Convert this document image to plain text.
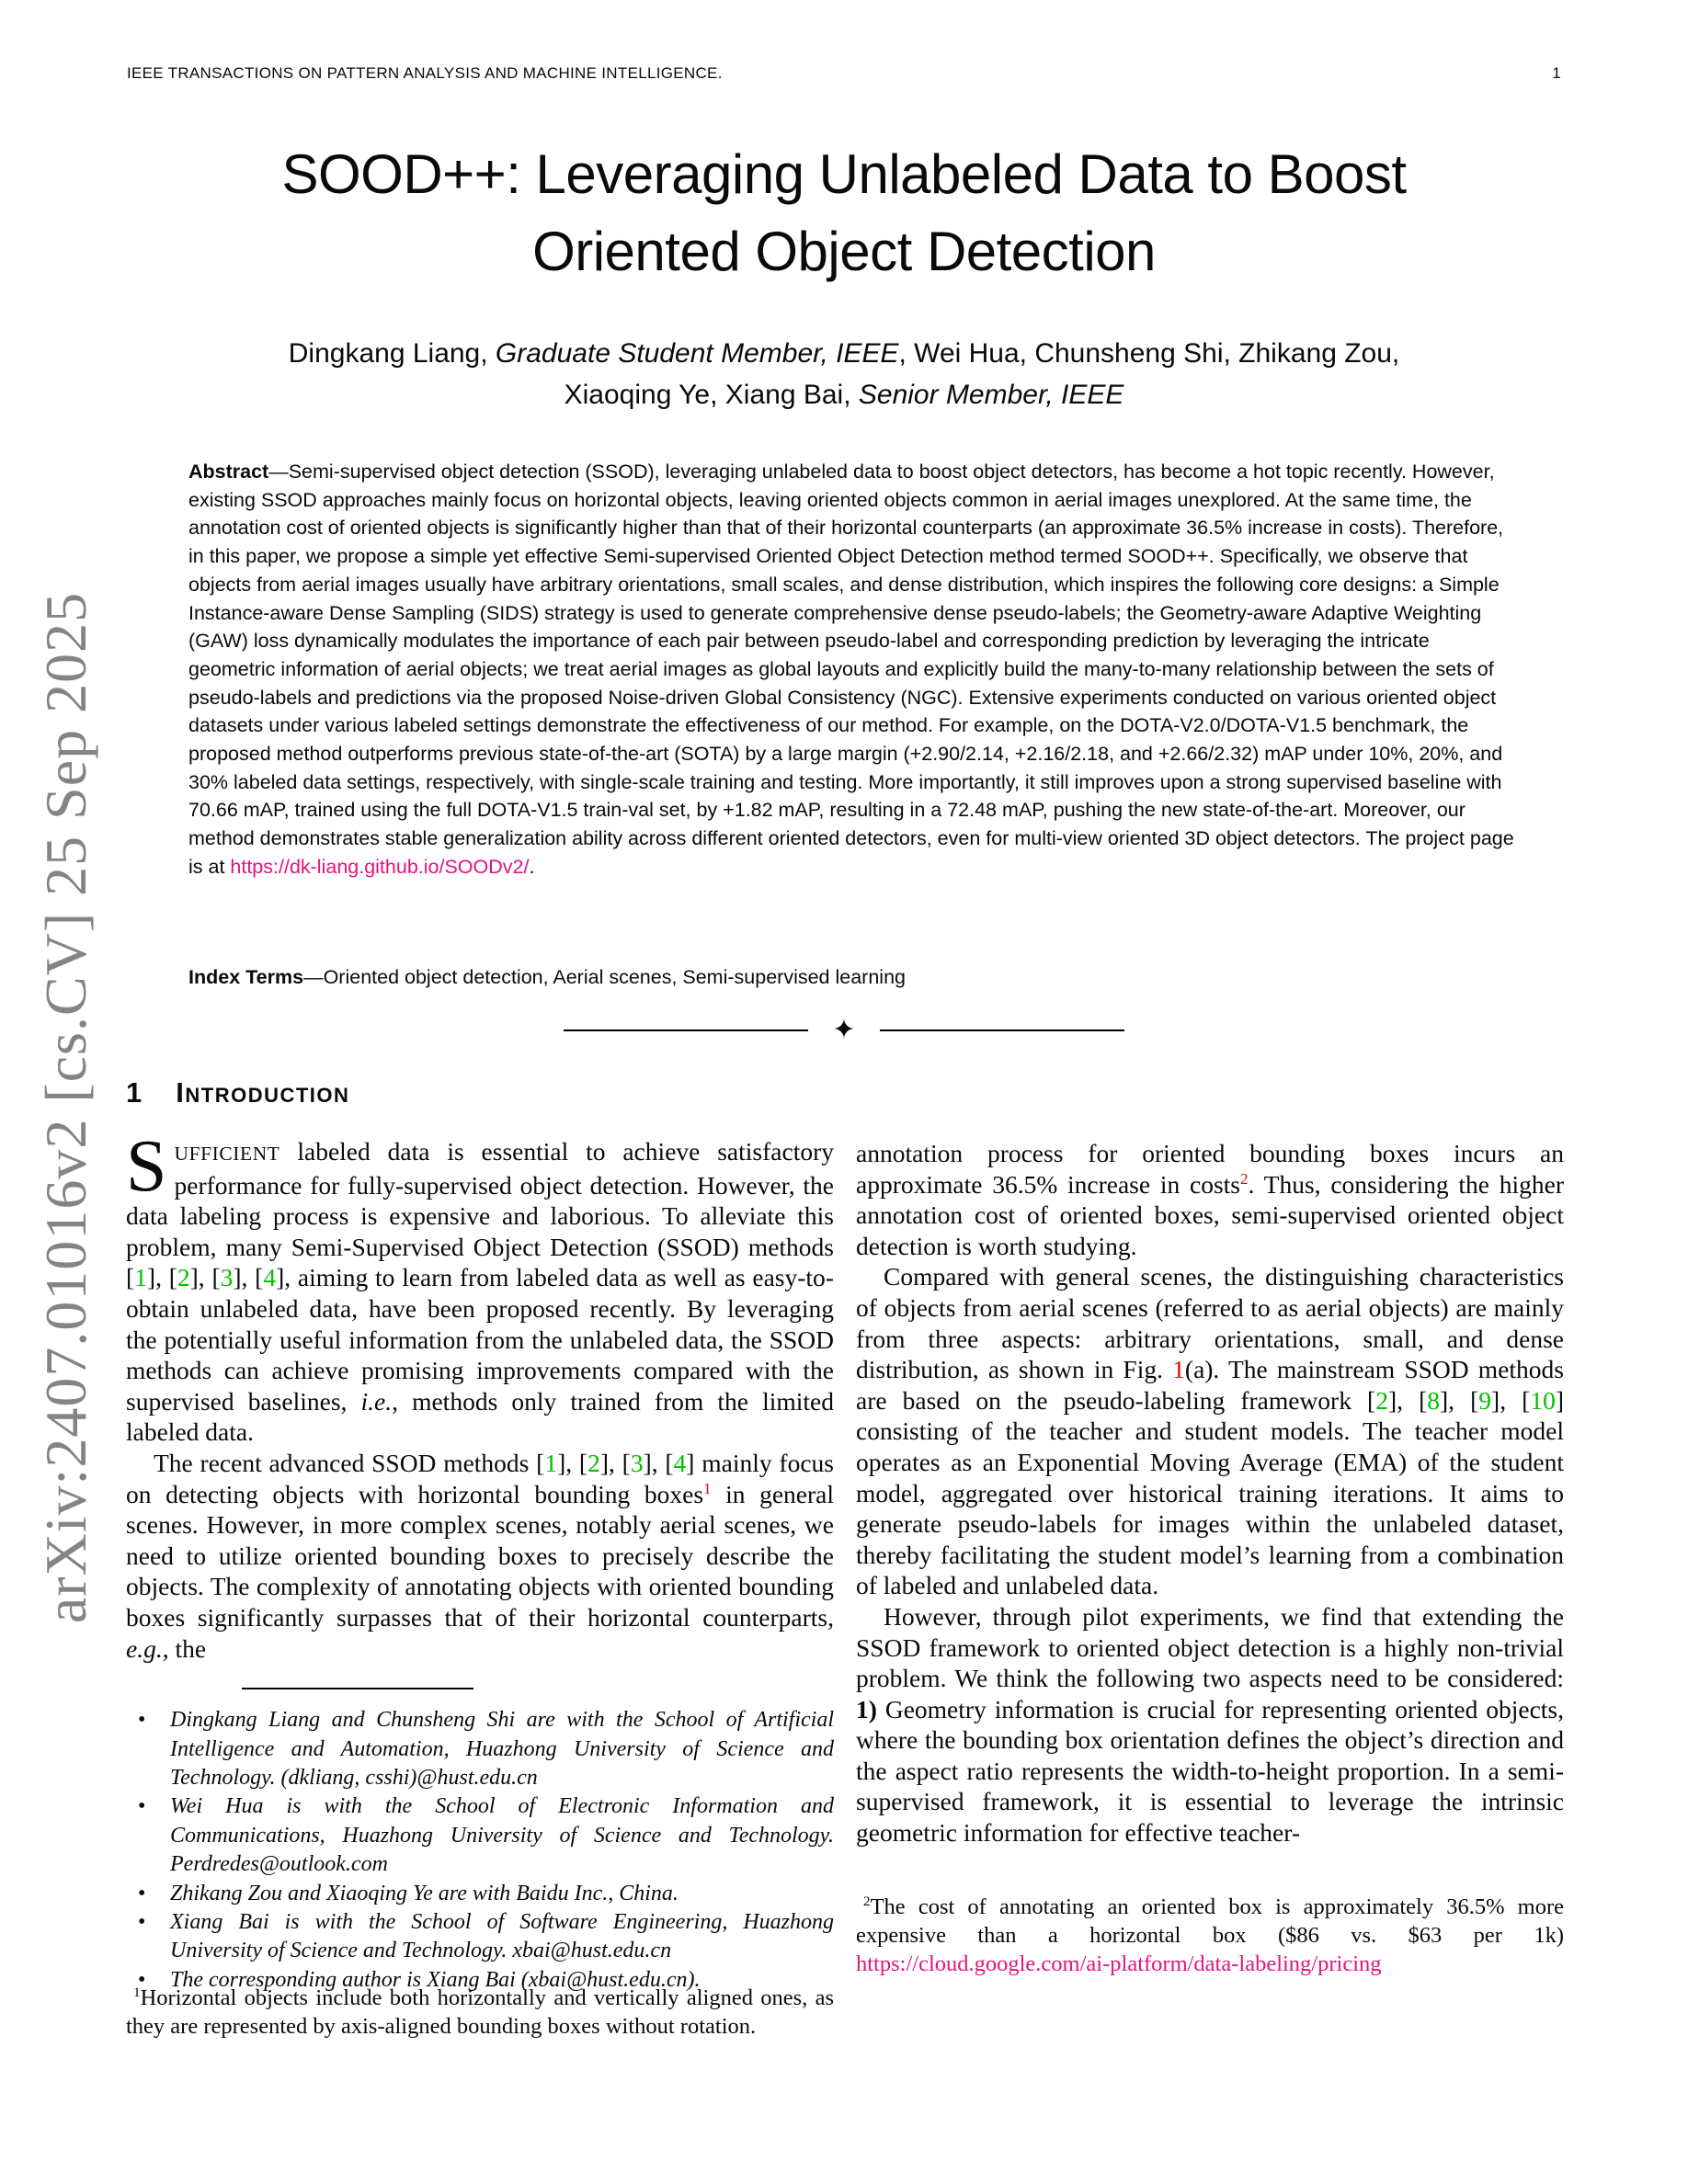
arXiv:2407.01016v2 [cs.CV] 25 Sep 2025
IEEE TRANSACTIONS ON PATTERN ANALYSIS AND MACHINE INTELLIGENCE.	1
SOOD++: Leveraging Unlabeled Data to Boost
Oriented Object Detection
Dingkang Liang, Graduate Student Member, IEEE, Wei Hua, Chunsheng Shi, Zhikang Zou,
Xiaoqing Ye, Xiang Bai, Senior Member, IEEE
Abstract—Semi-supervised object detection (SSOD), leveraging unlabeled data to boost object detectors, has become a hot topic recently. However, existing SSOD approaches mainly focus on horizontal objects, leaving oriented objects common in aerial images unexplored. At the same time, the annotation cost of oriented objects is significantly higher than that of their horizontal counterparts (an approximate 36.5% increase in costs). Therefore, in this paper, we propose a simple yet effective Semi-supervised Oriented Object Detection method termed SOOD++. Specifically, we observe that objects from aerial images usually have arbitrary orientations, small scales, and dense distribution, which inspires the following core designs: a Simple Instance-aware Dense Sampling (SIDS) strategy is used to generate comprehensive dense pseudo-labels; the Geometry-aware Adaptive Weighting (GAW) loss dynamically modulates the importance of each pair between pseudo-label and corresponding prediction by leveraging the intricate geometric information of aerial objects; we treat aerial images as global layouts and explicitly build the many-to-many relationship between the sets of pseudo-labels and predictions via the proposed Noise-driven Global Consistency (NGC). Extensive experiments conducted on various oriented object datasets under various labeled settings demonstrate the effectiveness of our method. For example, on the DOTA-V2.0/DOTA-V1.5 benchmark, the proposed method outperforms previous state-of-the-art (SOTA) by a large margin (+2.90/2.14, +2.16/2.18, and +2.66/2.32) mAP under 10%, 20%, and 30% labeled data settings, respectively, with single-scale training and testing. More importantly, it still improves upon a strong supervised baseline with 70.66 mAP, trained using the full DOTA-V1.5 train-val set, by +1.82 mAP, resulting in a 72.48 mAP, pushing the new state-of-the-art. Moreover, our method demonstrates stable generalization ability across different oriented detectors, even for multi-view oriented 3D object detectors. The project page is at https://dk-liang.github.io/SOODv2/.
Index Terms—Oriented object detection, Aerial scenes, Semi-supervised learning
✦
1 Introduction

SUFFICIENT labeled data is essential to achieve satisfactory performance for fully-supervised object detection. However, the data labeling process is expensive and laborious. To alleviate this problem, many Semi-Supervised Object Detection (SSOD) methods [1], [2], [3], [4], aiming to learn from labeled data as well as easy-to-obtain unlabeled data, have been proposed recently. By leveraging the potentially useful information from the unlabeled data, the SSOD methods can achieve promising improvements compared with the supervised baselines, i.e., methods only trained from the limited labeled data.

The recent advanced SSOD methods [1], [2], [3], [4] mainly focus on detecting objects with horizontal bounding boxes$^1$ in general scenes. However, in more complex scenes, notably aerial scenes, we need to utilize oriented bounding boxes to precisely describe the objects. The complexity of annotating objects with oriented bounding boxes significantly surpasses that of their horizontal counterparts, e.g., the

•	Dingkang Liang and Chunsheng Shi are with the School of Artificial Intelligence and Automation, Huazhong University of Science and Technology. (dkliang, csshi)@hust.edu.cn
•	Wei Hua is with the School of Electronic Information and Communications, Huazhong University of Science and Technology. Perdredes@outlook.com
•	Zhikang Zou and Xiaoqing Ye are with Baidu Inc., China.
•	Xiang Bai is with the School of Software Engineering, Huazhong University of Science and Technology. xbai@hust.edu.cn
•	The corresponding author is Xiang Bai (xbai@hust.edu.cn).
$^1$Horizontal objects include both horizontally and vertically aligned ones, as they are represented by axis-aligned bounding boxes without rotation.

annotation process for oriented bounding boxes incurs an approximate 36.5% increase in costs$^2$. Thus, considering the higher annotation cost of oriented boxes, semi-supervised oriented object detection is worth studying.

Compared with general scenes, the distinguishing characteristics of objects from aerial scenes (referred to as aerial objects) are mainly from three aspects: arbitrary orientations, small, and dense distribution, as shown in Fig. 1(a). The mainstream SSOD methods are based on the pseudo-labeling framework [2], [8], [9], [10] consisting of the teacher and student models. The teacher model operates as an Exponential Moving Average (EMA) of the student model, aggregated over historical training iterations. It aims to generate pseudo-labels for images within the unlabeled dataset, thereby facilitating the student model’s learning from a combination of labeled and unlabeled data.

However, through pilot experiments, we find that extending the SSOD framework to oriented object detection is a highly non-trivial problem. We think the following two aspects need to be considered: 1) Geometry information is crucial for representing oriented objects, where the bounding box orientation defines the object’s direction and the aspect ratio represents the width-to-height proportion. In a semi-supervised framework, it is essential to leverage the intrinsic geometric information for effective teacher-

$^2$The cost of annotating an oriented box is approximately 36.5% more expensive than a horizontal box ($86 vs. $63 per 1k) https://cloud.google.com/ai-platform/data-labeling/pricing
